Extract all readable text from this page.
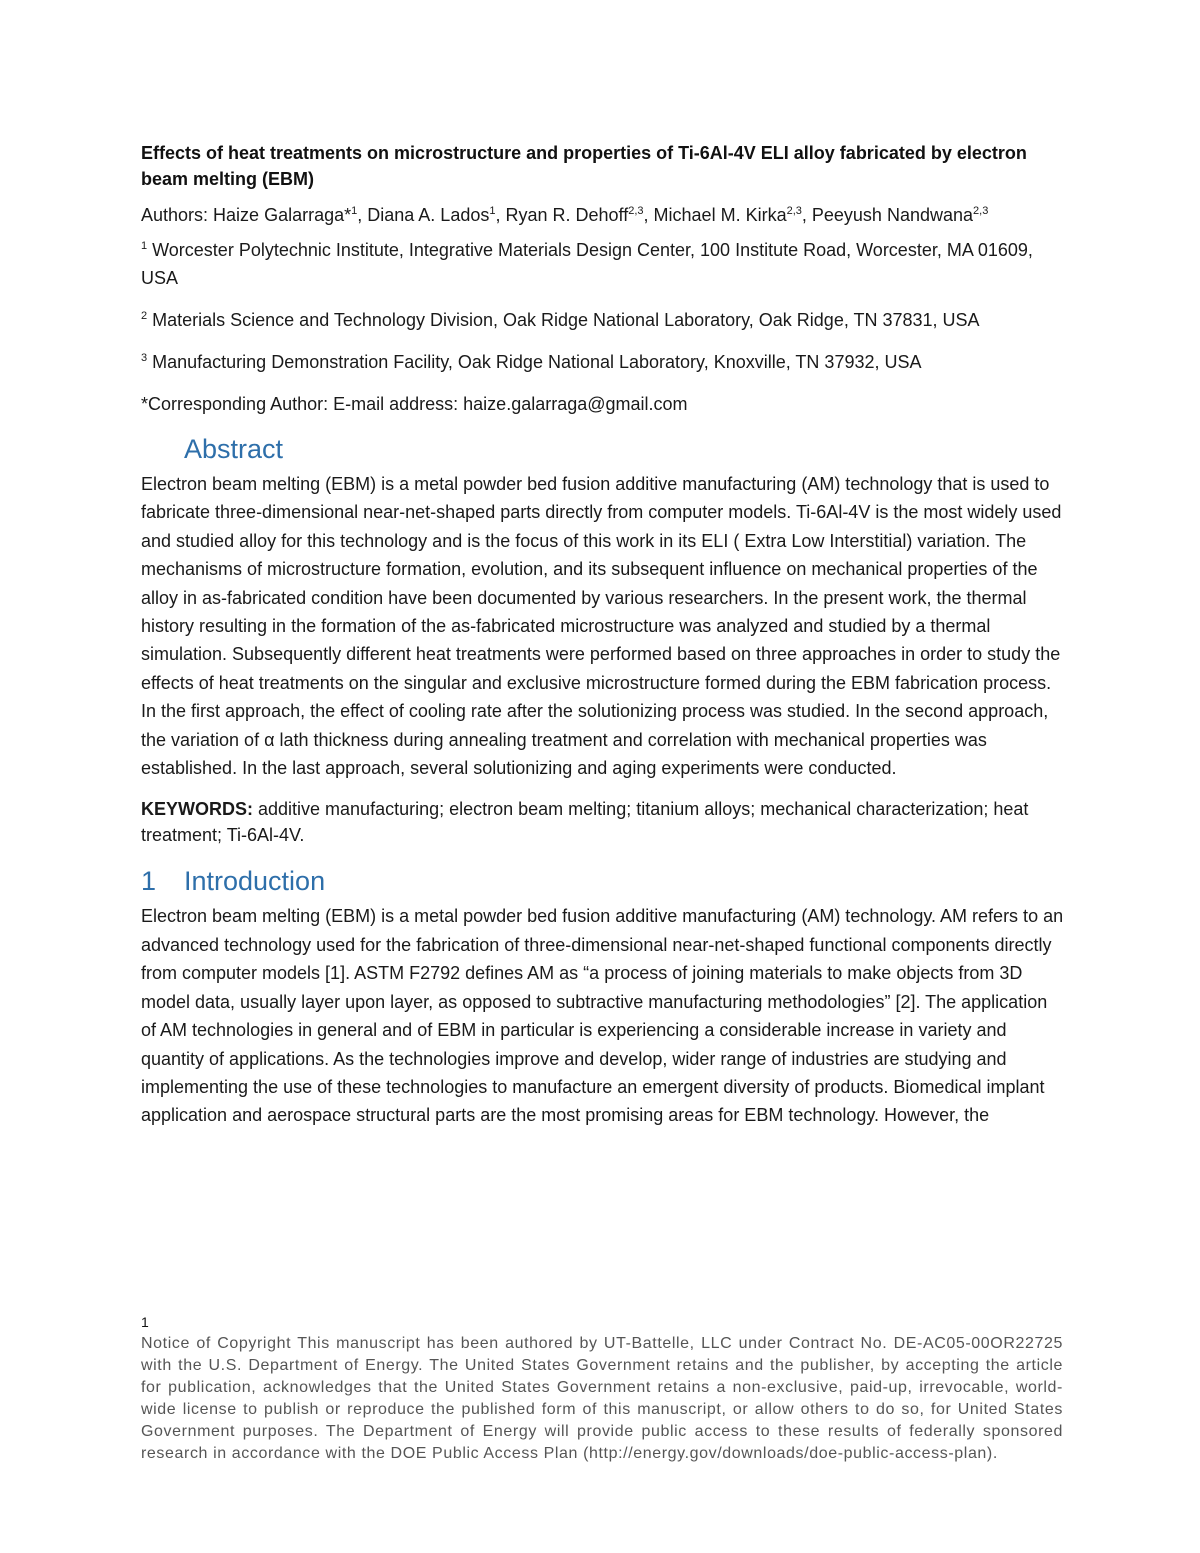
Effects of heat treatments on microstructure and properties of Ti-6Al-4V ELI alloy fabricated by electron beam melting (EBM)

Authors: Haize Galarraga*$^1$, Diana A. Lados$^1$, Ryan R. Dehoff$^{2,3}$, Michael M. Kirka$^{2,3}$, Peeyush Nandwana$^{2,3}$

$^1$ Worcester Polytechnic Institute, Integrative Materials Design Center, 100 Institute Road, Worcester, MA 01609, USA

$^2$ Materials Science and Technology Division, Oak Ridge National Laboratory, Oak Ridge, TN 37831, USA

$^3$ Manufacturing Demonstration Facility, Oak Ridge National Laboratory, Knoxville, TN 37932, USA

*Corresponding Author: E-mail address: haize.galarraga@gmail.com

Abstract

Electron beam melting (EBM) is a metal powder bed fusion additive manufacturing (AM) technology that is used to fabricate three-dimensional near-net-shaped parts directly from computer models. Ti-6Al-4V is the most widely used and studied alloy for this technology and is the focus of this work in its ELI ( Extra Low Interstitial) variation. The mechanisms of microstructure formation, evolution, and its subsequent influence on mechanical properties of the alloy in as-fabricated condition have been documented by various researchers. In the present work, the thermal history resulting in the formation of the as-fabricated microstructure was analyzed and studied by a thermal simulation. Subsequently different heat treatments were performed based on three approaches in order to study the effects of heat treatments on the singular and exclusive microstructure formed during the EBM fabrication process. In the first approach, the effect of cooling rate after the solutionizing process was studied. In the second approach, the variation of α lath thickness during annealing treatment and correlation with mechanical properties was established. In the last approach, several solutionizing and aging experiments were conducted.

KEYWORDS: additive manufacturing; electron beam melting; titanium alloys; mechanical characterization; heat treatment; Ti-6Al-4V.

1	Introduction

Electron beam melting (EBM) is a metal powder bed fusion additive manufacturing (AM) technology. AM refers to an advanced technology used for the fabrication of three-dimensional near-net-shaped functional components directly from computer models [1]. ASTM F2792 defines AM as “a process of joining materials to make objects from 3D model data, usually layer upon layer, as opposed to subtractive manufacturing methodologies” [2]. The application of AM technologies in general and of EBM in particular is experiencing a considerable increase in variety and quantity of applications. As the technologies improve and develop, wider range of industries are studying and implementing the use of these technologies to manufacture an emergent diversity of products. Biomedical implant application and aerospace structural parts are the most promising areas for EBM technology. However, the

1

Notice of Copyright This manuscript has been authored by UT-Battelle, LLC under Contract No. DE-AC05-00OR22725 with the U.S. Department of Energy. The United States Government retains and the publisher, by accepting the article for publication, acknowledges that the United States Government retains a non-exclusive, paid-up, irrevocable, world-wide license to publish or reproduce the published form of this manuscript, or allow others to do so, for United States Government purposes. The Department of Energy will provide public access to these results of federally sponsored research in accordance with the DOE Public Access Plan (http://energy.gov/downloads/doe-public-access-plan).
